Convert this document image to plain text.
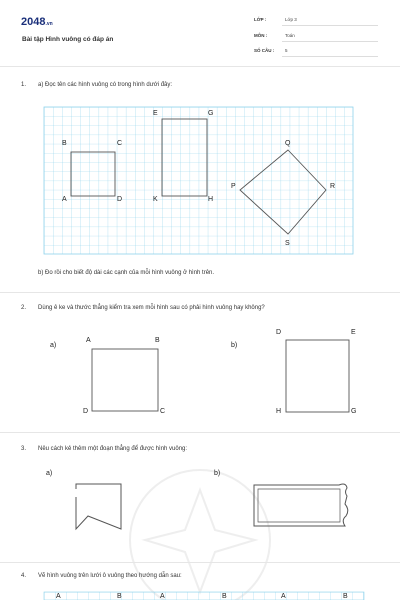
2048.vn
Bài tập Hình vuông có đáp án
LỚP :	Lớp 3
MÔN :	Toán
SỐ CÂU : 5
1. a) Đọc tên các hình vuông có trong hình dưới đây:
B	C
A	D
E	G
K	H
Q
P	R
S
b) Đo rồi cho biết độ dài các cạnh của mỗi hình vuông ở hình trên.
2. Dùng ê ke và thước thẳng kiểm tra xem mỗi hình sau có phải hình vuông hay không?
a)
A	B
D	C
b)
D	E
H	G
3. Nêu cách kẻ thêm một đoạn thẳng để được hình vuông:
a)	b)
4. Vẽ hình vuông trên lưới ô vuông theo hướng dẫn sau:
A	B	A	B	A	B
